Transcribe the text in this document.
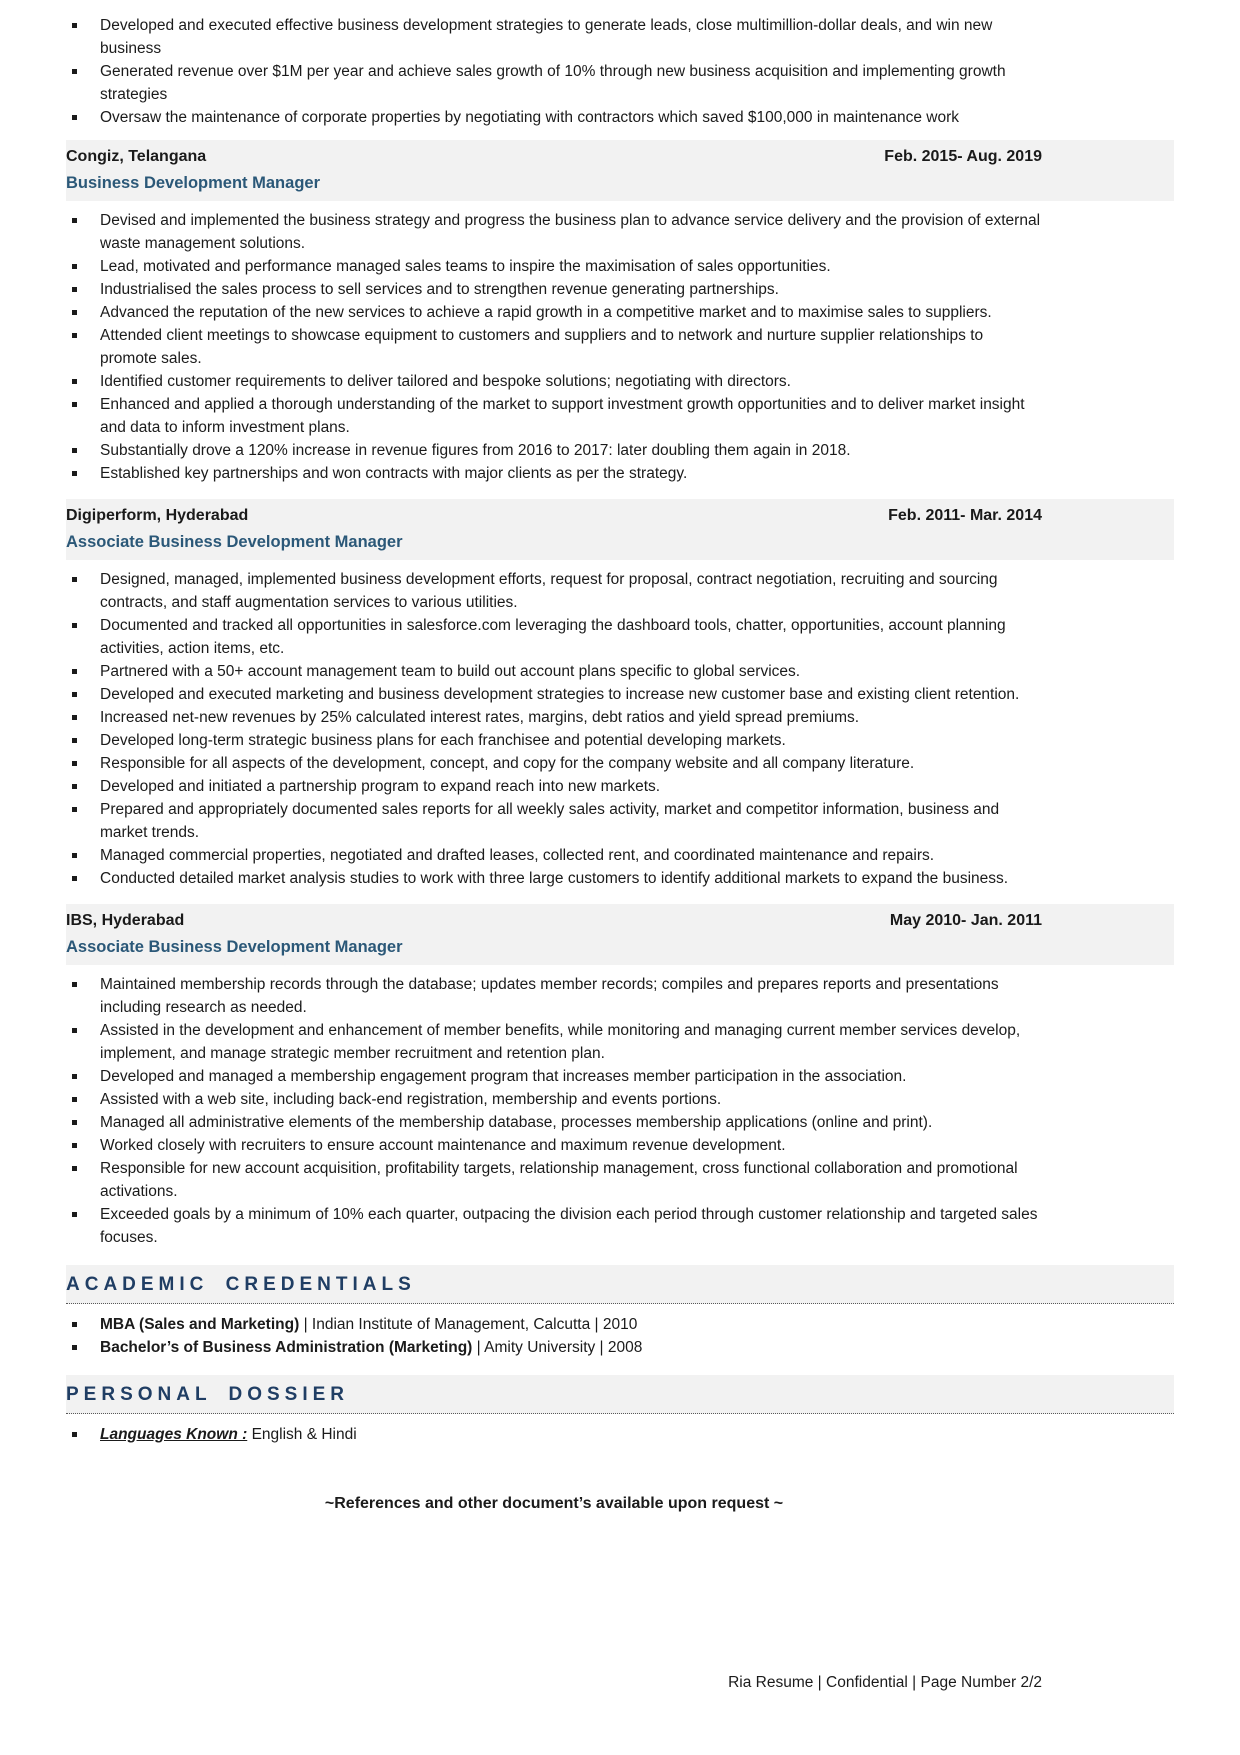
Developed and executed effective business development strategies to generate leads, close multimillion-dollar deals, and win new business
Generated revenue over $1M per year and achieve sales growth of 10% through new business acquisition and implementing growth strategies
Oversaw the maintenance of corporate properties by negotiating with contractors which saved $100,000 in maintenance work
Congiz, Telangana	Feb. 2015- Aug. 2019
Business Development Manager
Devised and implemented the business strategy and progress the business plan to advance service delivery and the provision of external waste management solutions.
Lead, motivated and performance managed sales teams to inspire the maximisation of sales opportunities.
Industrialised the sales process to sell services and to strengthen revenue generating partnerships.
Advanced the reputation of the new services to achieve a rapid growth in a competitive market and to maximise sales to suppliers.
Attended client meetings to showcase equipment to customers and suppliers and to network and nurture supplier relationships to promote sales.
Identified customer requirements to deliver tailored and bespoke solutions; negotiating with directors.
Enhanced and applied a thorough understanding of the market to support investment growth opportunities and to deliver market insight and data to inform investment plans.
Substantially drove a 120% increase in revenue figures from 2016 to 2017: later doubling them again in 2018.
Established key partnerships and won contracts with major clients as per the strategy.
Digiperform, Hyderabad	Feb. 2011- Mar. 2014
Associate Business Development Manager
Designed, managed, implemented business development efforts, request for proposal, contract negotiation, recruiting and sourcing contracts, and staff augmentation services to various utilities.
Documented and tracked all opportunities in salesforce.com leveraging the dashboard tools, chatter, opportunities, account planning activities, action items, etc.
Partnered with a 50+ account management team to build out account plans specific to global services.
Developed and executed marketing and business development strategies to increase new customer base and existing client retention.
Increased net-new revenues by 25% calculated interest rates, margins, debt ratios and yield spread premiums.
Developed long-term strategic business plans for each franchisee and potential developing markets.
Responsible for all aspects of the development, concept, and copy for the company website and all company literature.
Developed and initiated a partnership program to expand reach into new markets.
Prepared and appropriately documented sales reports for all weekly sales activity, market and competitor information, business and market trends.
Managed commercial properties, negotiated and drafted leases, collected rent, and coordinated maintenance and repairs.
Conducted detailed market analysis studies to work with three large customers to identify additional markets to expand the business.
IBS, Hyderabad	May 2010- Jan. 2011
Associate Business Development Manager
Maintained membership records through the database; updates member records; compiles and prepares reports and presentations including research as needed.
Assisted in the development and enhancement of member benefits, while monitoring and managing current member services develop, implement, and manage strategic member recruitment and retention plan.
Developed and managed a membership engagement program that increases member participation in the association.
Assisted with a web site, including back-end registration, membership and events portions.
Managed all administrative elements of the membership database, processes membership applications (online and print).
Worked closely with recruiters to ensure account maintenance and maximum revenue development.
Responsible for new account acquisition, profitability targets, relationship management, cross functional collaboration and promotional activations.
Exceeded goals by a minimum of 10% each quarter, outpacing the division each period through customer relationship and targeted sales focuses.
ACADEMIC CREDENTIALS
MBA (Sales and Marketing) | Indian Institute of Management, Calcutta | 2010
Bachelor’s of Business Administration (Marketing) | Amity University | 2008
PERSONAL DOSSIER
Languages Known : English & Hindi

~References and other document’s available upon request ~

Ria Resume | Confidential | Page Number 2/2
